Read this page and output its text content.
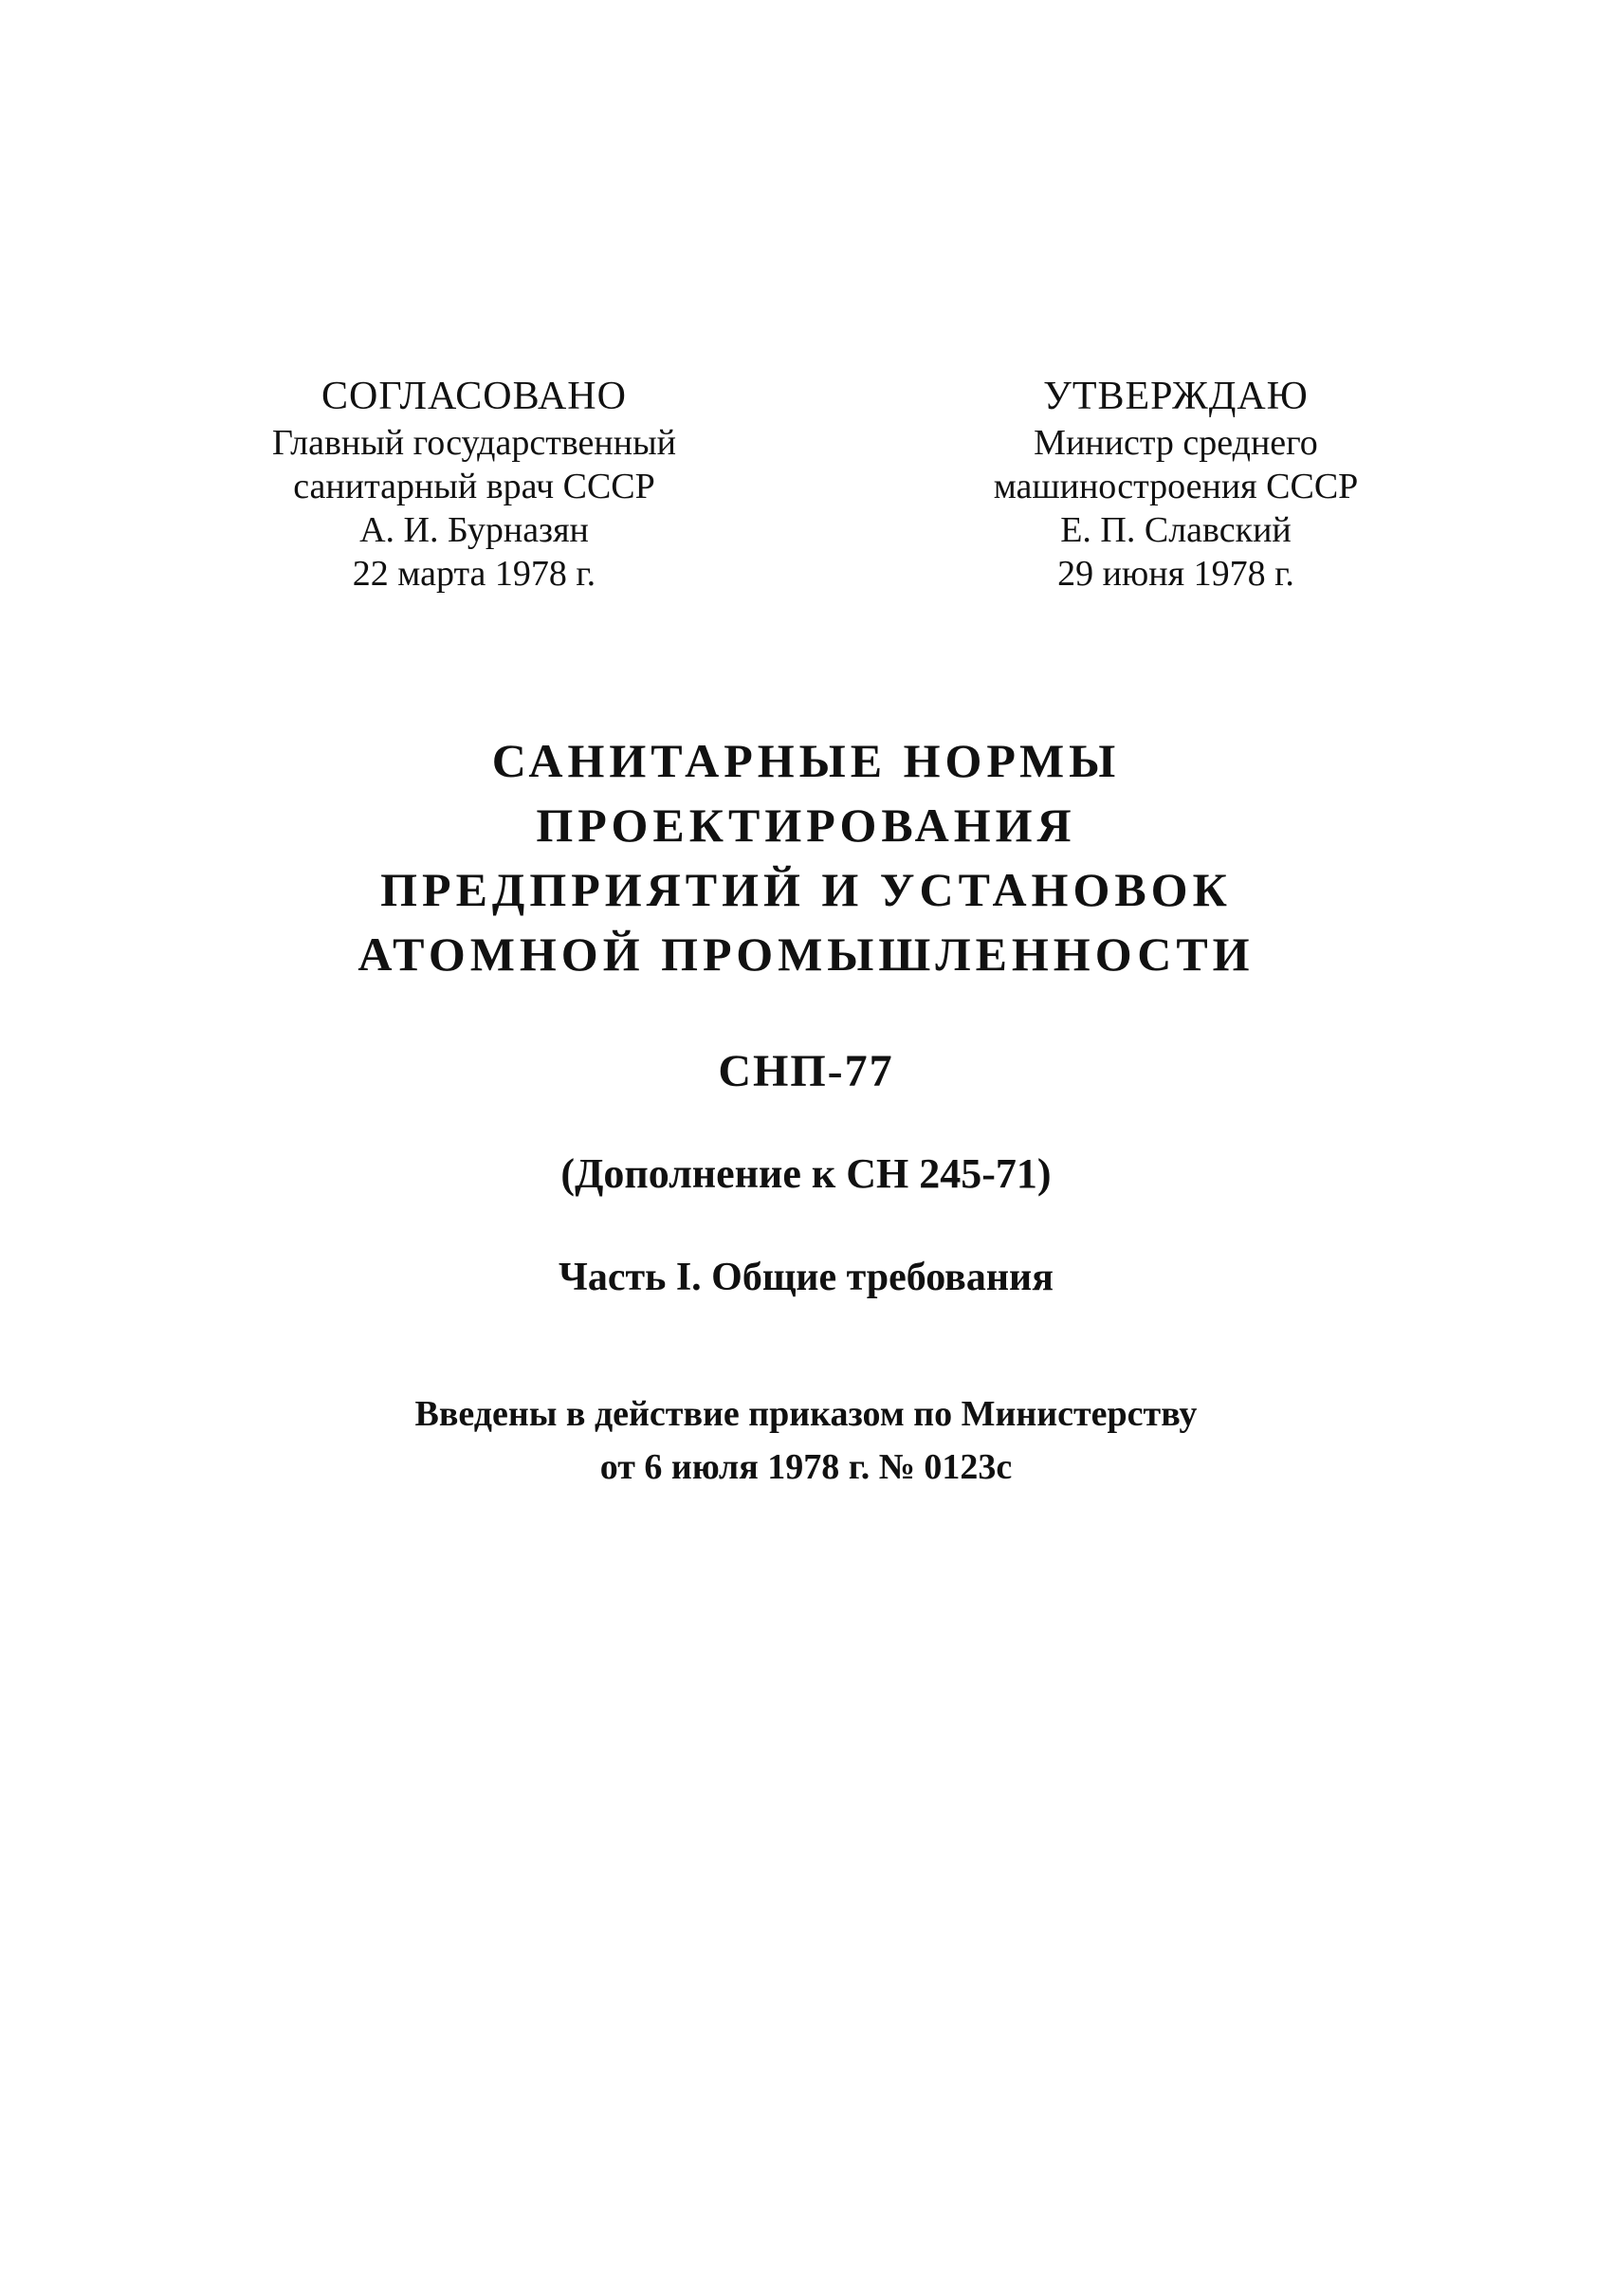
СОГЛАСОВАНО
Главный государственный
санитарный врач СССР
А. И. Бурназян
22 марта 1978 г.
УТВЕРЖДАЮ
Министр среднего
машиностроения СССР
Е. П. Славский
29 июня 1978 г.
САНИТАРНЫЕ НОРМЫ
ПРОЕКТИРОВАНИЯ
ПРЕДПРИЯТИЙ И УСТАНОВОК
АТОМНОЙ ПРОМЫШЛЕННОСТИ
СНП-77
(Дополнение к СН 245-71)
Часть I. Общие требования
Введены в действие приказом по Министерству
от 6 июля 1978 г. № 0123с
